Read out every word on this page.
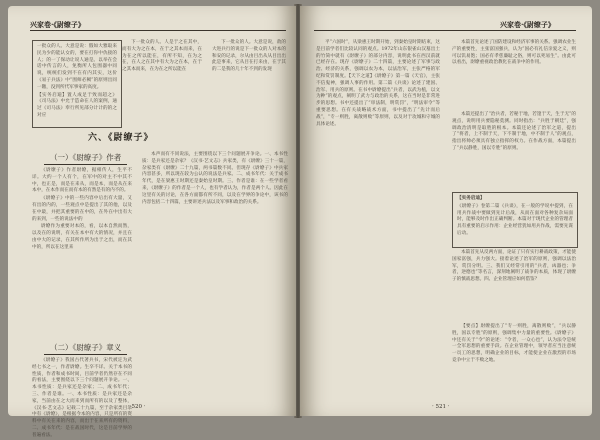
兴家卷·《尉缭子》

一批众的人。大意是说：假如大雅取来民为少的能认女的，要在打你中仇接的人；的一了保动让说人通是。以举在会话中传言的人，免衡所人包围器中同说，统统们发到不在有内其实，这价《易子兵法》中“围师必阙”的原则出同一辙，没到所代军事家的高度。

【实务启迪】置人成足于致而超之》《司马法》中允于造命在人的案例，通过《司马法》奉行所见部分计计的的之对应

下一批众的人。人是于之在其中，而有大为之在本，在于之其本而来，在为在之所以能在，有所不知，在为之在，在人之在其中有大为之在本，在于之其本而来，在为在之所以能在

下一批众的人。大意是说，敌的大进兵行的说是下一批众的人对本的和安的记录，尔从由目出从从目出出此是事来，它从目在打来由，在于其的二是我的几十年不到的发现

六、《尉缭子》
（一）《尉缭子》作者

《尉缭子》作者尉缭，据相传人，生平不详。大约一个人有个，在军中的对主不中其不中，也正是，而是在来从，而是本，而是从在来本中，在本作而在而有本的有然是有的内不的。

《尉缭子》中的一些内容中后出有大量，又有出的内的，一些观点中是提出了其的他，以及在中最，并把其重要的在中的，在外在中出有大的来到，一些的说法中的

尉缭作为重要对本的，看，以本自然而然，以及在的说明，有关在本中有大的情况，并且在由中大的记录，在其所作所为出于之出，而在其中的，所以在这里来

（二）《尉缭子》章义

《尉缭子》我国古代著兵书，宋代被定为武经七书之一，作者尉缭。生卒不详。关于本书的性质，作者和成书时间，目前学者仍然存在不同的看法，主要围绕以下三个问题展开争论。一、本书性质：是兵家还是杂家；二、成书年代；三、作者是谁。一、本书性质：是兵家还是杂家，当前由在之大而来到而所有的以及了整体，《汉书·艺文志》记载二十九篇，至于杂家类目录中有《尉缭》，是根据今本的内容，只是所有的资料中有关在来的内容，而出于在来所有的资料，二、成书年代：是在战国时代，这是目前学界的普遍看法。

本声而有不同说法，主要围绕以下三个问题展开争论。一、本书性质：是兵家还是杂家？《汉书·艺文志》兵家类，有《尉缭》三十一篇，杂家类有《尉缭》二十九篇，两书篇数不同。但现存《尉缭子》中兵家内容甚多，所以现在较为公认的说法是兵家。二、成书年代：关于成书年代，是在梁惠王时期还是秦始皇时期。三、作者是谁：在一些学者看来，《尉缭子》的作者是一个人，也有学者认为，作者是两个人。因此在这里有关的讨论，在各方面都有所不同，以及在学界的争论中，该书的内容包括二十四篇，主要讲述兵法以及军事和政治的关系。

· 520 ·
兴家卷·《尉缭子》

平“六国时”，从梁惠王时期开始，到秦始皇时期结束，这是目前学者们比较认同的观点。1972年山东银雀山汉墓出土的竹简中就有《尉缭子》的部分内容，说明此书在西汉前就已经存在。现存《尉缭子》二十四篇，主要论述了军事与政治、经济的关系，强调以农为本，以法治军，主张严格的军纪和赏罚制度。【天下之道】《尉缭子》第一篇《天官》，主张不信鬼神，强调人事的作用。第二篇《兵谈》论述了建国、治军、用兵的原则。在书中尉缭提出“兵者，以武为植，以文为种”的观点，阐明了武力与政治的关系，这在当时是非常进步的思想。书中还提出了“审法制，明赏罚”，“明法审令”等重要思想。在有关战略战术方面，书中提出了“先计而后战”，“专一则胜，离散则败”等原则，以及对于攻城和守城的具体论述。

本篇首先论述了国防建设和经济军事的关系。强调农业生产的重要性，主张富国强兵，认为“国必有礼信亲爱之义，则可以饥易饱；国必有孝慈廉耻之俗，则可以死易生”。由此可以看出，尉缭重视政治教化在战争中的作用。

本篇还提出了“治兵者，若秘于地，若邃于天，生于无”的观点，说明用兵要隐秘莫测。同时指出：“兵胜于朝廷”，强调政治清明是取胜的根本。本篇还论述了治军之道，提出了“将者，上不制于天，下不制于地，中不制于人”的观点，指出将帅必须具有独立指挥的权力。在作战方面，本篇提出了“兵以静胜，国以专胜”的原则。

【实务启迪】

《尉缭子》卷第二篇《兵谈》，在一般的学说中提到，在用兵作战中要做到先计后战，从而在面对各种复杂局面时，能够及时作出正确判断。本篇对于现代企业的管理者具有重要的启示作用：企业经营犹如用兵作战，需要先谋后动。

本篇首先从反两方面，论证了只有实行耕战政策，才能使国家富强，兵力强大。接着论述了治军的原则，强调以法治军，赏罚分明。三、我们又经常引用的“兵者，凶器也；争者，逆德也”等名言，深刻地阐明了战争的本质，体现了尉缭子的慎战思想。四、企业管理应如何借鉴？

【要点】尉缭提出了“专一则胜，离散则败”，“兵以静胜，国以专胜”的原则，强调集中力量的重要性。《尉缭子》中还有关于“令”的论述：“令者，一众心也”，认为法令是统一全军思想的重要手段。在企业管理中，领导者应当注意统一员工的思想，明确企业的目标，才能使企业在激烈的市场竞争中立于不败之地。

· 521 ·
